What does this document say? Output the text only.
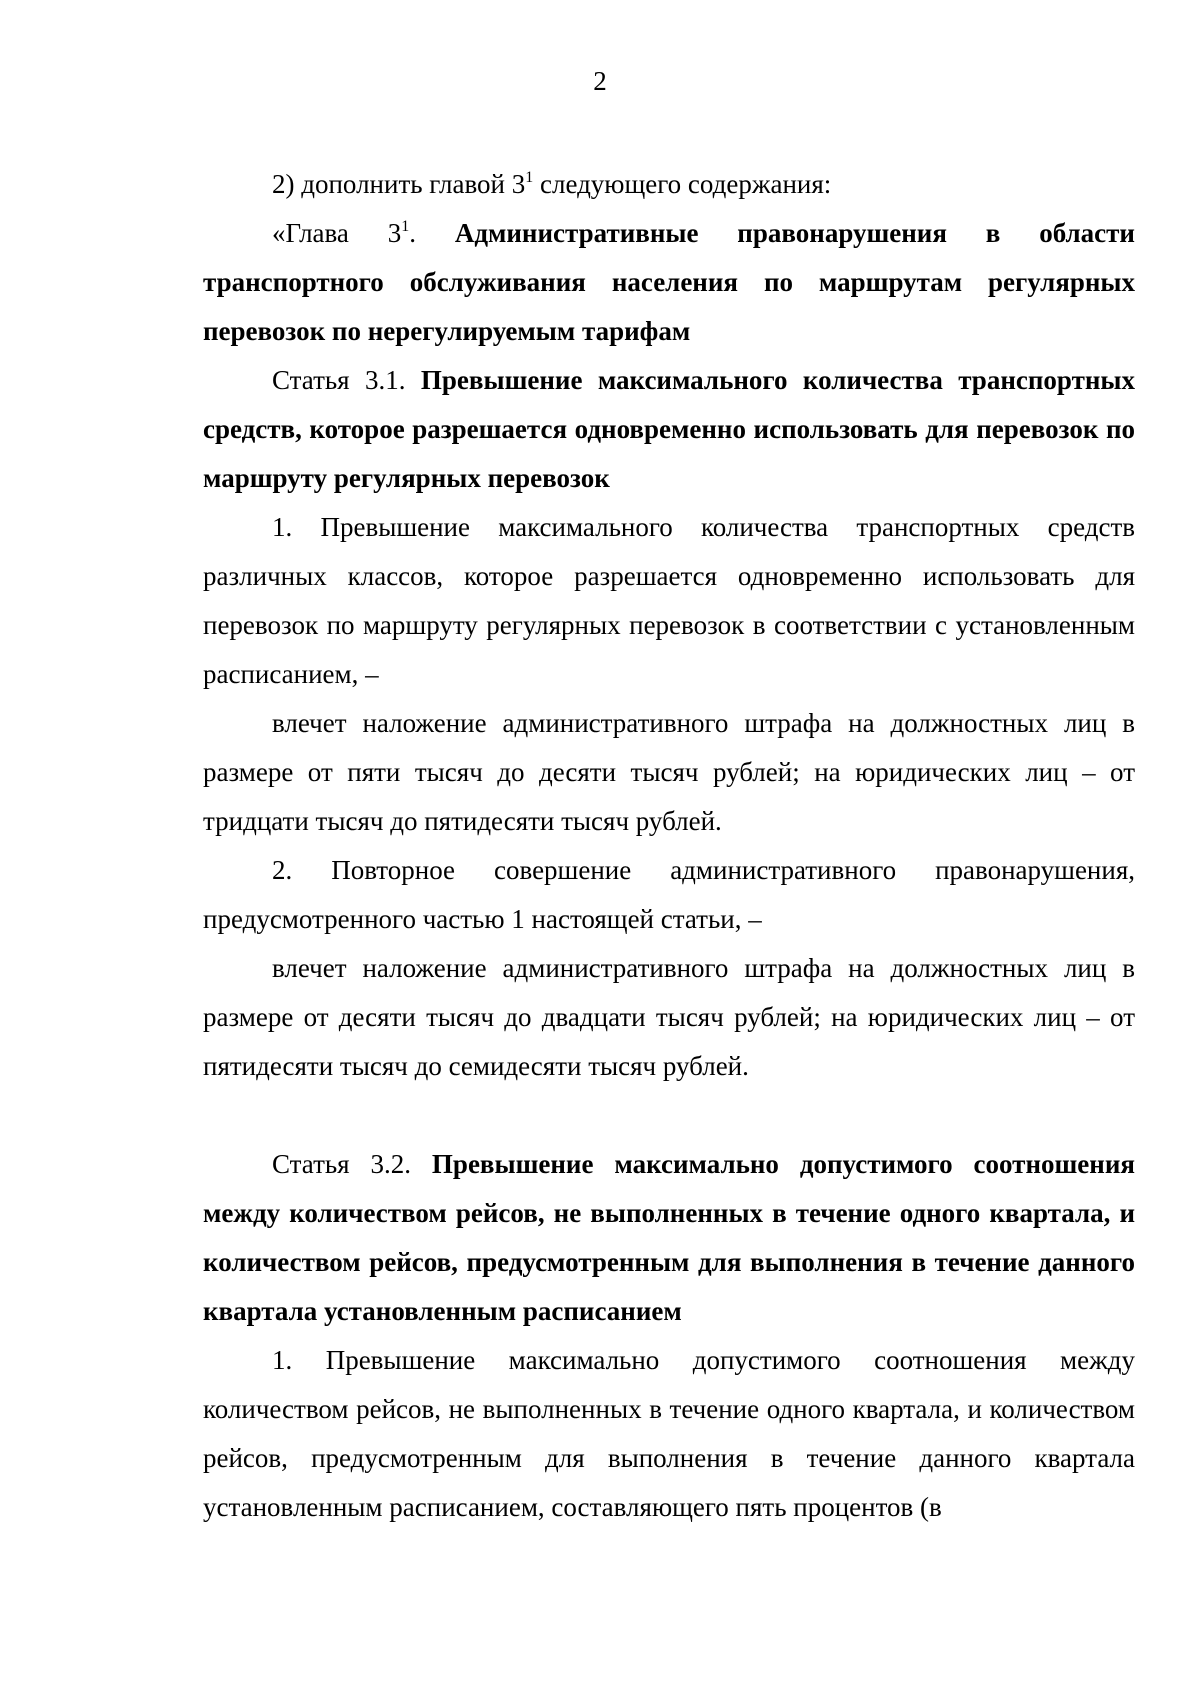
2

2) дополнить главой $3^1$ следующего содержания:

«Глава $3^1$. Административные правонарушения в области транспортного обслуживания населения по маршрутам регулярных перевозок по нерегулируемым тарифам

Статья 3.1. Превышение максимального количества транспортных средств, которое разрешается одновременно использовать для перевозок по маршруту регулярных перевозок

1. Превышение максимального количества транспортных средств различных классов, которое разрешается одновременно использовать для перевозок по маршруту регулярных перевозок в соответствии с установленным расписанием, –

влечет наложение административного штрафа на должностных лиц в размере от пяти тысяч до десяти тысяч рублей; на юридических лиц – от тридцати тысяч до пятидесяти тысяч рублей.

2. Повторное совершение административного правонарушения, предусмотренного частью 1 настоящей статьи, –

влечет наложение административного штрафа на должностных лиц в размере от десяти тысяч до двадцати тысяч рублей; на юридических лиц – от пятидесяти тысяч до семидесяти тысяч рублей.

Статья 3.2. Превышение максимально допустимого соотношения между количеством рейсов, не выполненных в течение одного квартала, и количеством рейсов, предусмотренным для выполнения в течение данного квартала установленным расписанием

1. Превышение максимально допустимого соотношения между количеством рейсов, не выполненных в течение одного квартала, и количеством рейсов, предусмотренным для выполнения в течение данного квартала установленным расписанием, составляющего пять процентов (в
